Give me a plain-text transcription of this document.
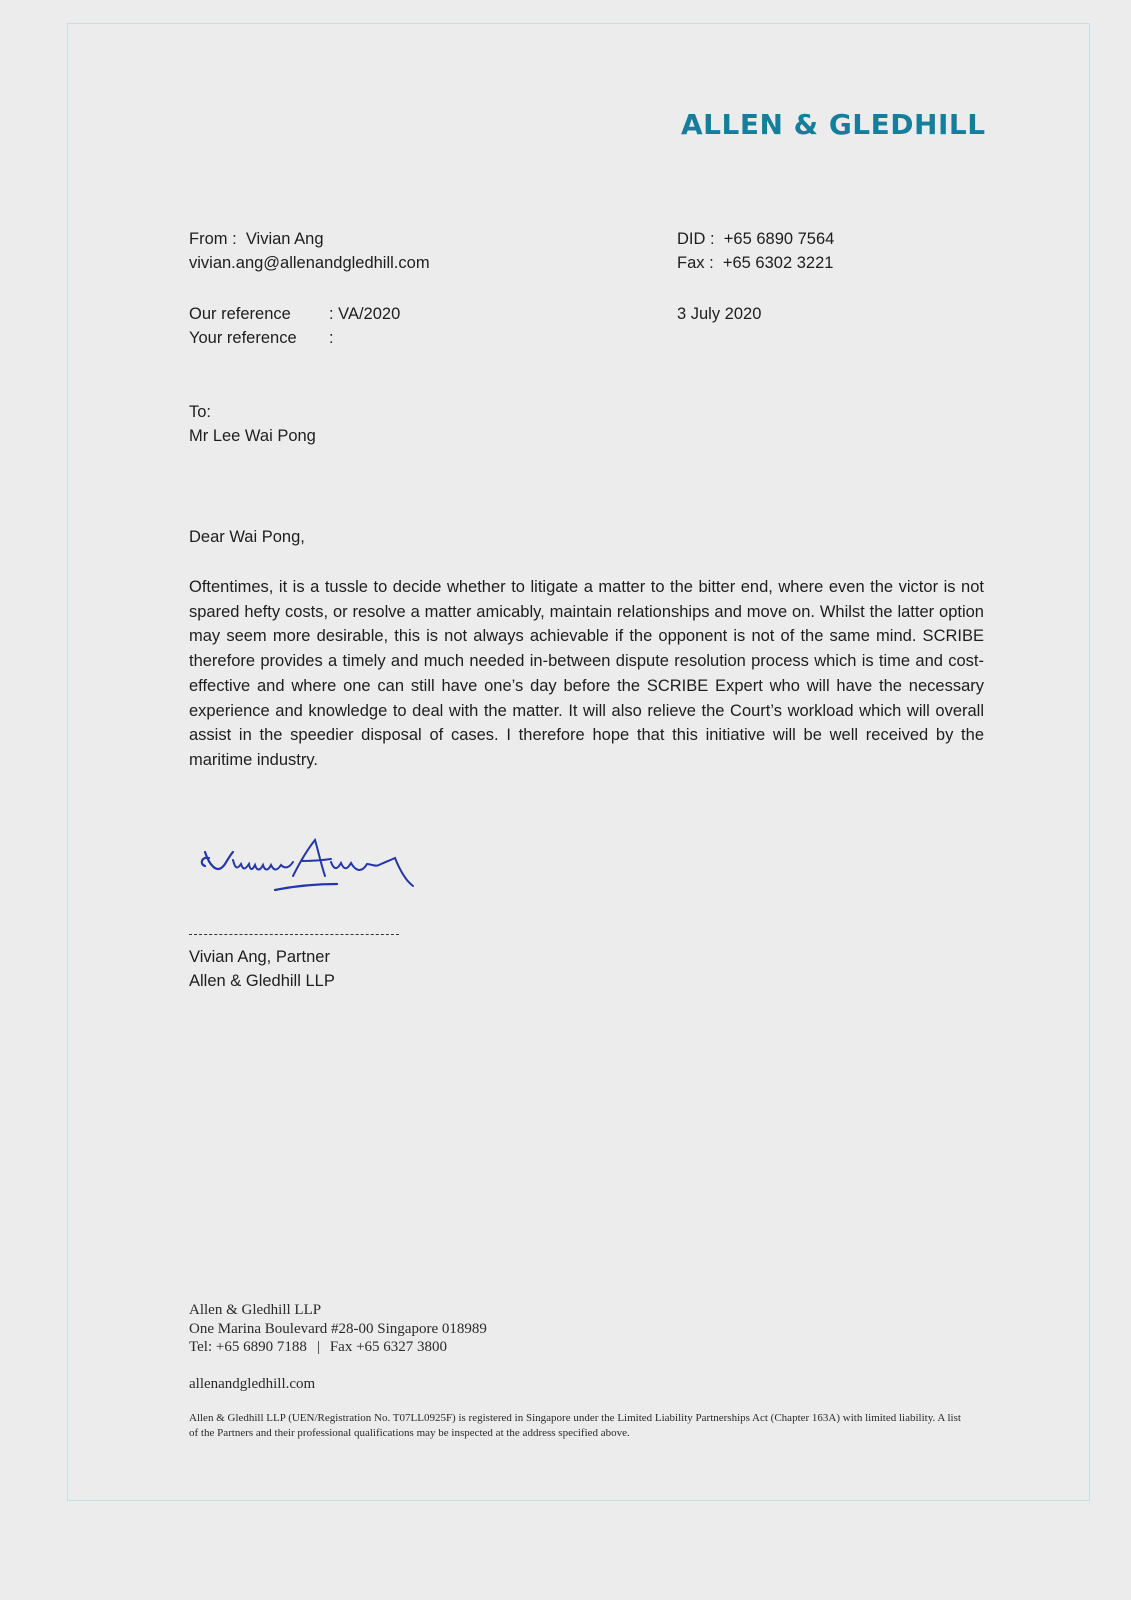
ALLEN & GLEDHILL
From : Vivian Ang
vivian.ang@allenandgledhill.com
DID : +65 6890 7564
Fax : +65 6302 3221
Our reference : VA/2020
Your reference :
3 July 2020
To:
Mr Lee Wai Pong
Dear Wai Pong,
Oftentimes, it is a tussle to decide whether to litigate a matter to the bitter end, where even the victor is not spared hefty costs, or resolve a matter amicably, maintain relationships and move on. Whilst the latter option may seem more desirable, this is not always achievable if the opponent is not of the same mind. SCRIBE therefore provides a timely and much needed in-between dispute resolution process which is time and cost-effective and where one can still have one’s day before the SCRIBE Expert who will have the necessary experience and knowledge to deal with the matter. It will also relieve the Court’s workload which will overall assist in the speedier disposal of cases. I therefore hope that this initiative will be well received by the maritime industry.
Vivian Ang, Partner
Allen & Gledhill LLP
Allen & Gledhill LLP
One Marina Boulevard #28-00 Singapore 018989
Tel: +65 6890 7188 | Fax +65 6327 3800
allenandgledhill.com
Allen & Gledhill LLP (UEN/Registration No. T07LL0925F) is registered in Singapore under the Limited Liability Partnerships Act (Chapter 163A) with limited liability. A list of the Partners and their professional qualifications may be inspected at the address specified above.
